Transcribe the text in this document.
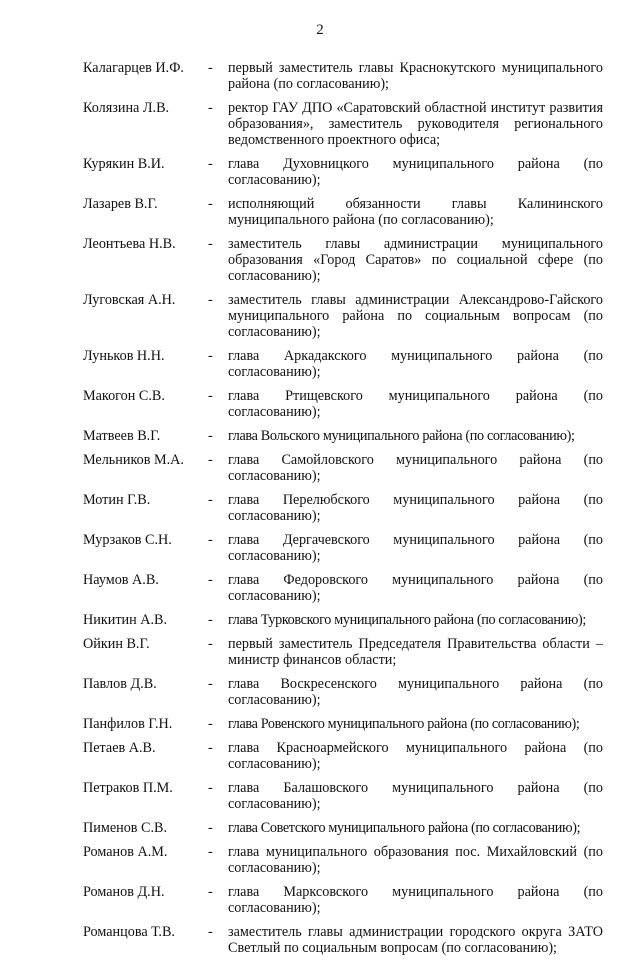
2
Калагарцев И.Ф.	-	первый заместитель главы Краснокутского муниципального района (по согласованию);
Колязина Л.В.	-	ректор ГАУ ДПО «Саратовский областной институт развития образования», заместитель руководителя регионального ведомственного проектного офиса;
Курякин В.И.	-	глава Духовницкого муниципального района (по согласованию);
Лазарев В.Г.	-	исполняющий обязанности главы Калининского муниципального района (по согласованию);
Леонтьева Н.В.	-	заместитель главы администрации муниципального образования «Город Саратов» по социальной сфере (по согласованию);
Луговская А.Н.	-	заместитель главы администрации Александрово-Гайского муниципального района по социальным вопросам (по согласованию);
Луньков Н.Н.	-	глава Аркадакского муниципального района (по согласованию);
Макогон С.В.	-	глава Ртищевского муниципального района (по согласованию);
Матвеев В.Г.	-	глава Вольского муниципального района (по согласованию);
Мельников М.А.	-	глава Самойловского муниципального района (по согласованию);
Мотин Г.В.	-	глава Перелюбского муниципального района (по согласованию);
Мурзаков С.Н.	-	глава Дергачевского муниципального района (по согласованию);
Наумов А.В.	-	глава Федоровского муниципального района (по согласованию);
Никитин А.В.	-	глава Турковского муниципального района (по согласованию);
Ойкин В.Г.	-	первый заместитель Председателя Правительства области – министр финансов области;
Павлов Д.В.	-	глава Воскресенского муниципального района (по согласованию);
Панфилов Г.Н.	-	глава Ровенского муниципального района (по согласованию);
Петаев А.В.	-	глава Красноармейского муниципального района (по согласованию);
Петраков П.М.	-	глава Балашовского муниципального района (по согласованию);
Пименов С.В.	-	глава Советского муниципального района (по согласованию);
Романов А.М.	-	глава муниципального образования пос. Михайловский (по согласованию);
Романов Д.Н.	-	глава Марксовского муниципального района (по согласованию);
Романцова Т.В.	-	заместитель главы администрации городского округа ЗАТО Светлый по социальным вопросам (по согласованию);
